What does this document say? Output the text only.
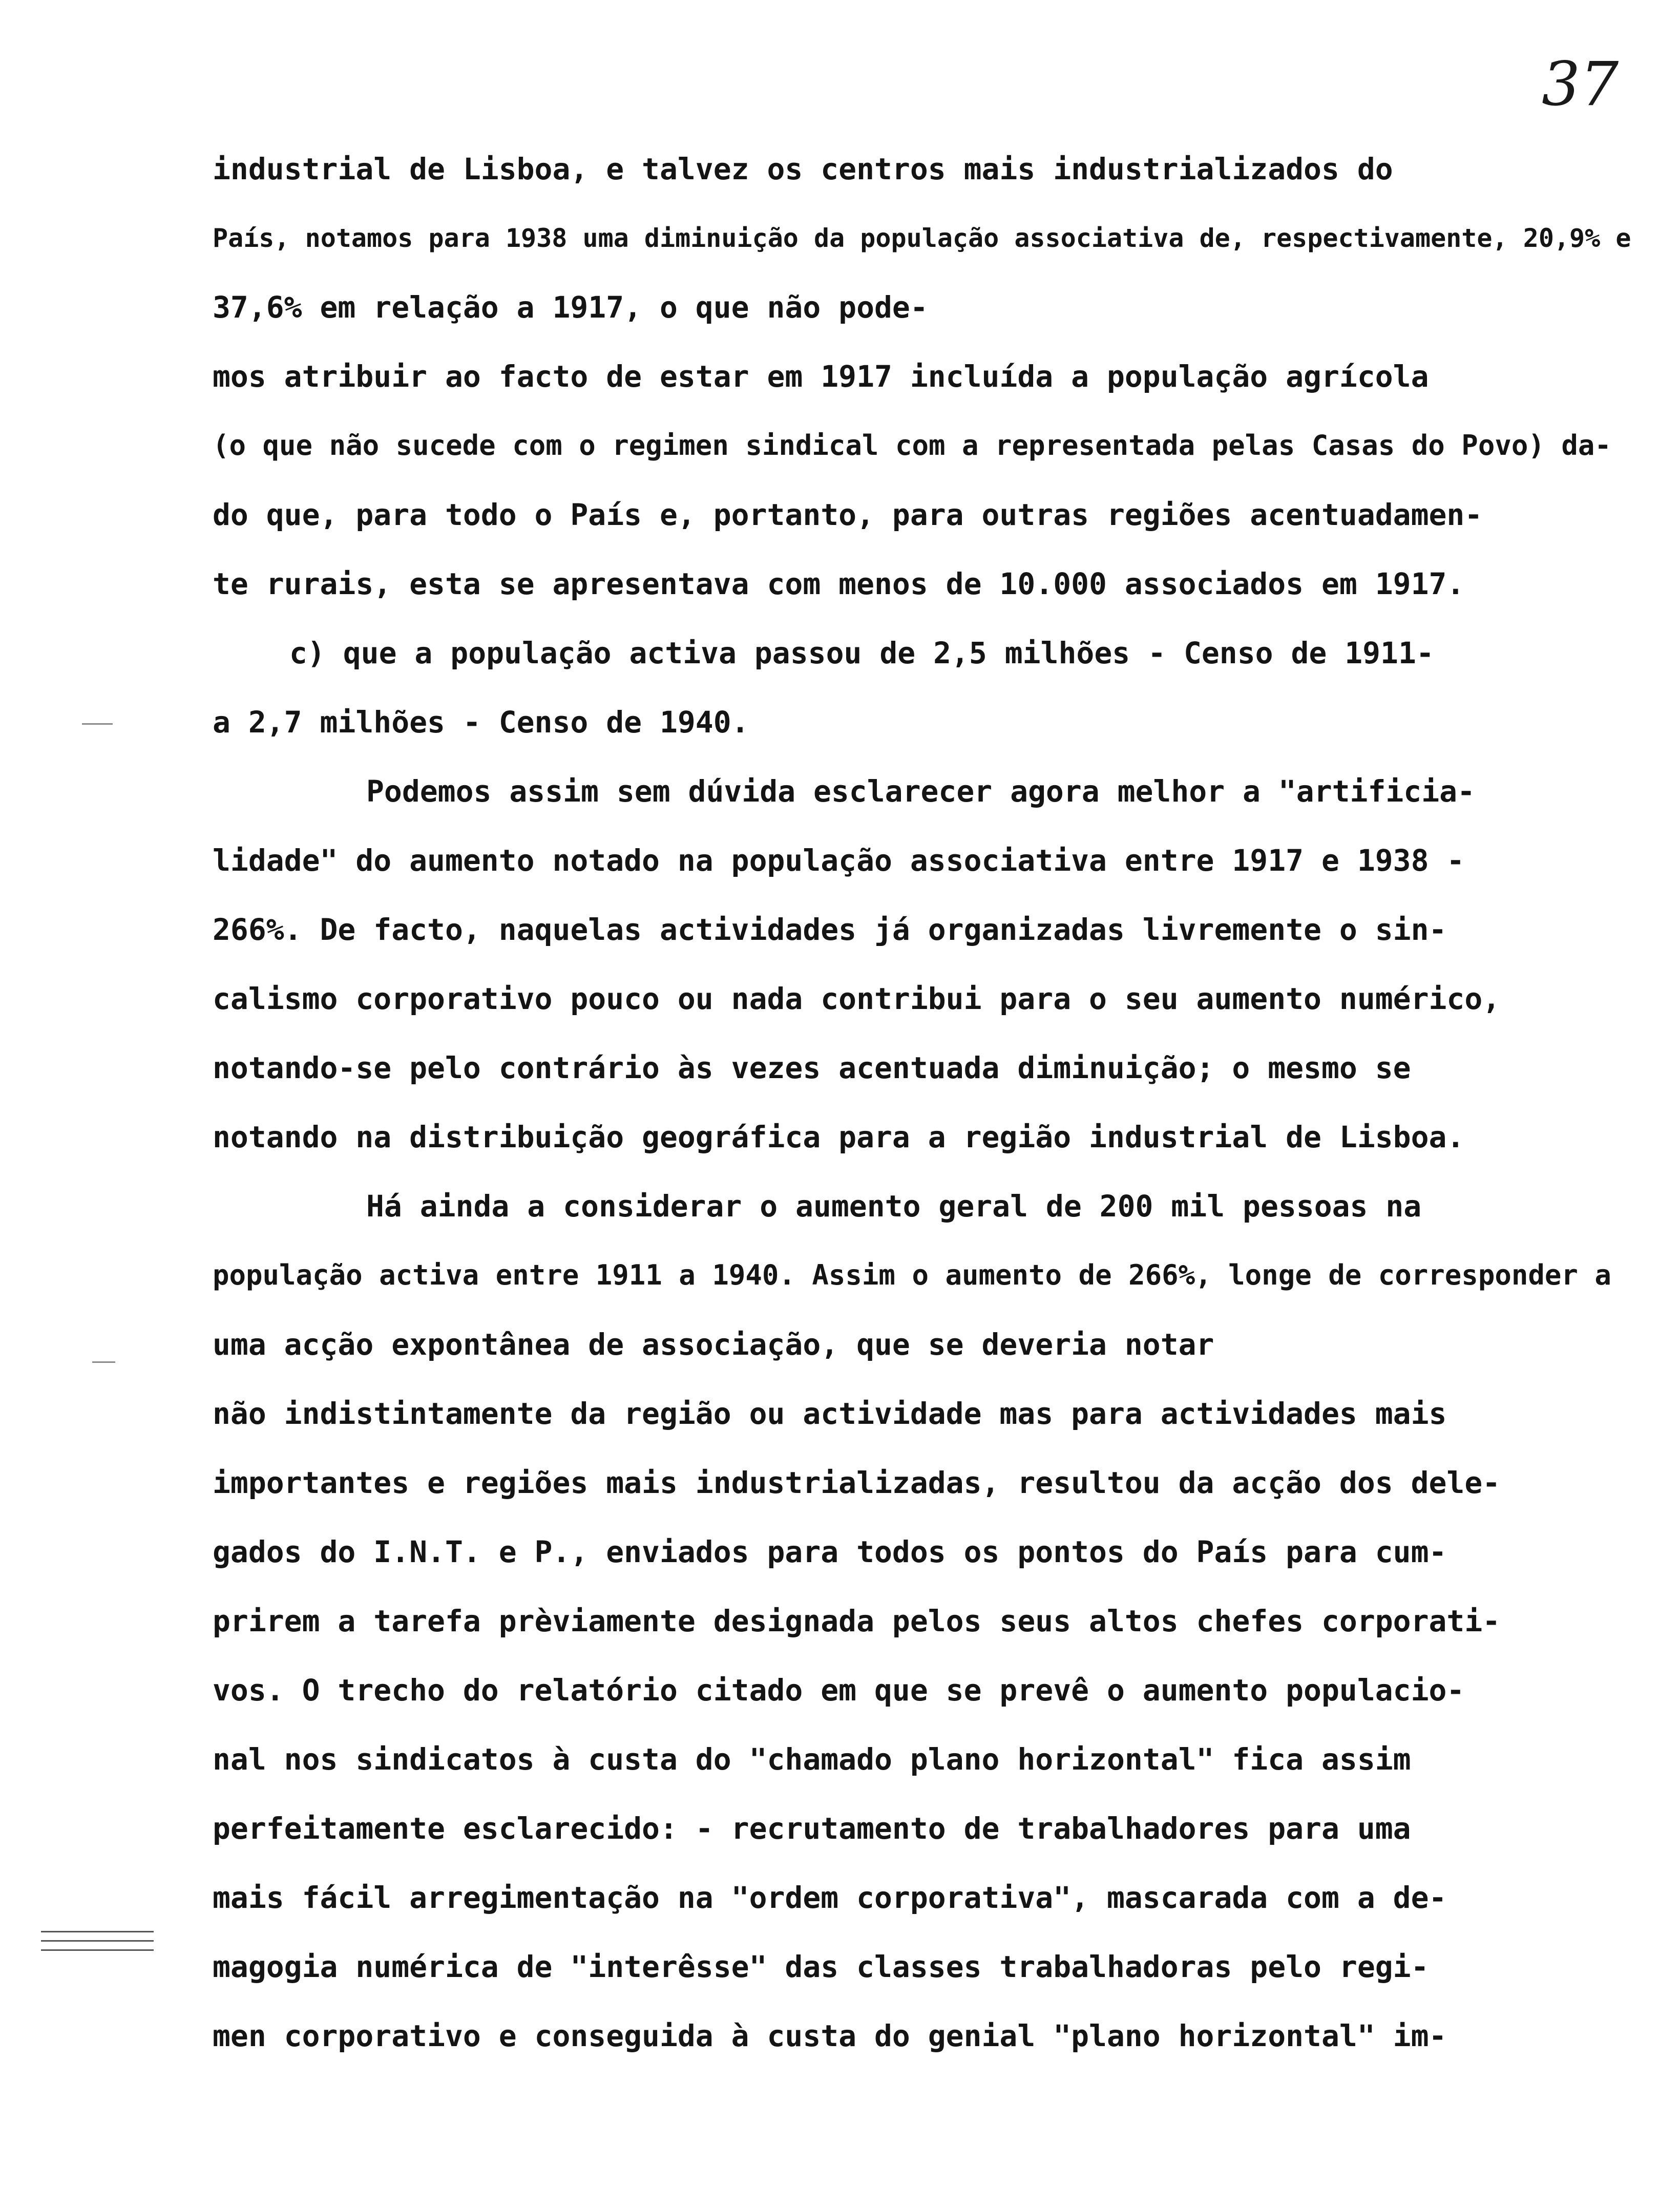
37
industrial de Lisboa, e talvez os centros mais industrializados do
País, notamos para 1938 uma diminuição da população associativa de, respectivamente, 20,9% e
37,6% em relação a 1917, o que não pode-
mos atribuir ao facto de estar em 1917 incluída a população agrícola
(o que não sucede com o regimen sindical com a representada pelas Casas do Povo) da-
do que, para todo o País e, portanto, para outras regiões acentuadamen-
te rurais, esta se apresentava com menos de 10.000 associados em 1917.
c) que a população activa passou de 2,5 milhões - Censo de 1911-
a 2,7 milhões - Censo de 1940.
Podemos assim sem dúvida esclarecer agora melhor a "artificia-
lidade" do aumento notado na população associativa entre 1917 e 1938 -
266%. De facto, naquelas actividades já organizadas livremente o sin-
calismo corporativo pouco ou nada contribui para o seu aumento numérico,
notando-se pelo contrário às vezes acentuada diminuição; o mesmo se
notando na distribuição geográfica para a região industrial de Lisboa.
Há ainda a considerar o aumento geral de 200 mil pessoas na
população activa entre 1911 a 1940. Assim o aumento de 266%, longe de corresponder a
uma acção expontânea de associação, que se deveria notar
não indistintamente da região ou actividade mas para actividades mais
importantes e regiões mais industrializadas, resultou da acção dos dele-
gados do I.N.T. e P., enviados para todos os pontos do País para cum-
prirem a tarefa prèviamente designada pelos seus altos chefes corporati-
vos. O trecho do relatório citado em que se prevê o aumento populacio-
nal nos sindicatos à custa do "chamado plano horizontal" fica assim
perfeitamente esclarecido: - recrutamento de trabalhadores para uma
mais fácil arregimentação na "ordem corporativa", mascarada com a de-
magogia numérica de "interêsse" das classes trabalhadoras pelo regi-
men corporativo e conseguida à custa do genial "plano horizontal" im-
